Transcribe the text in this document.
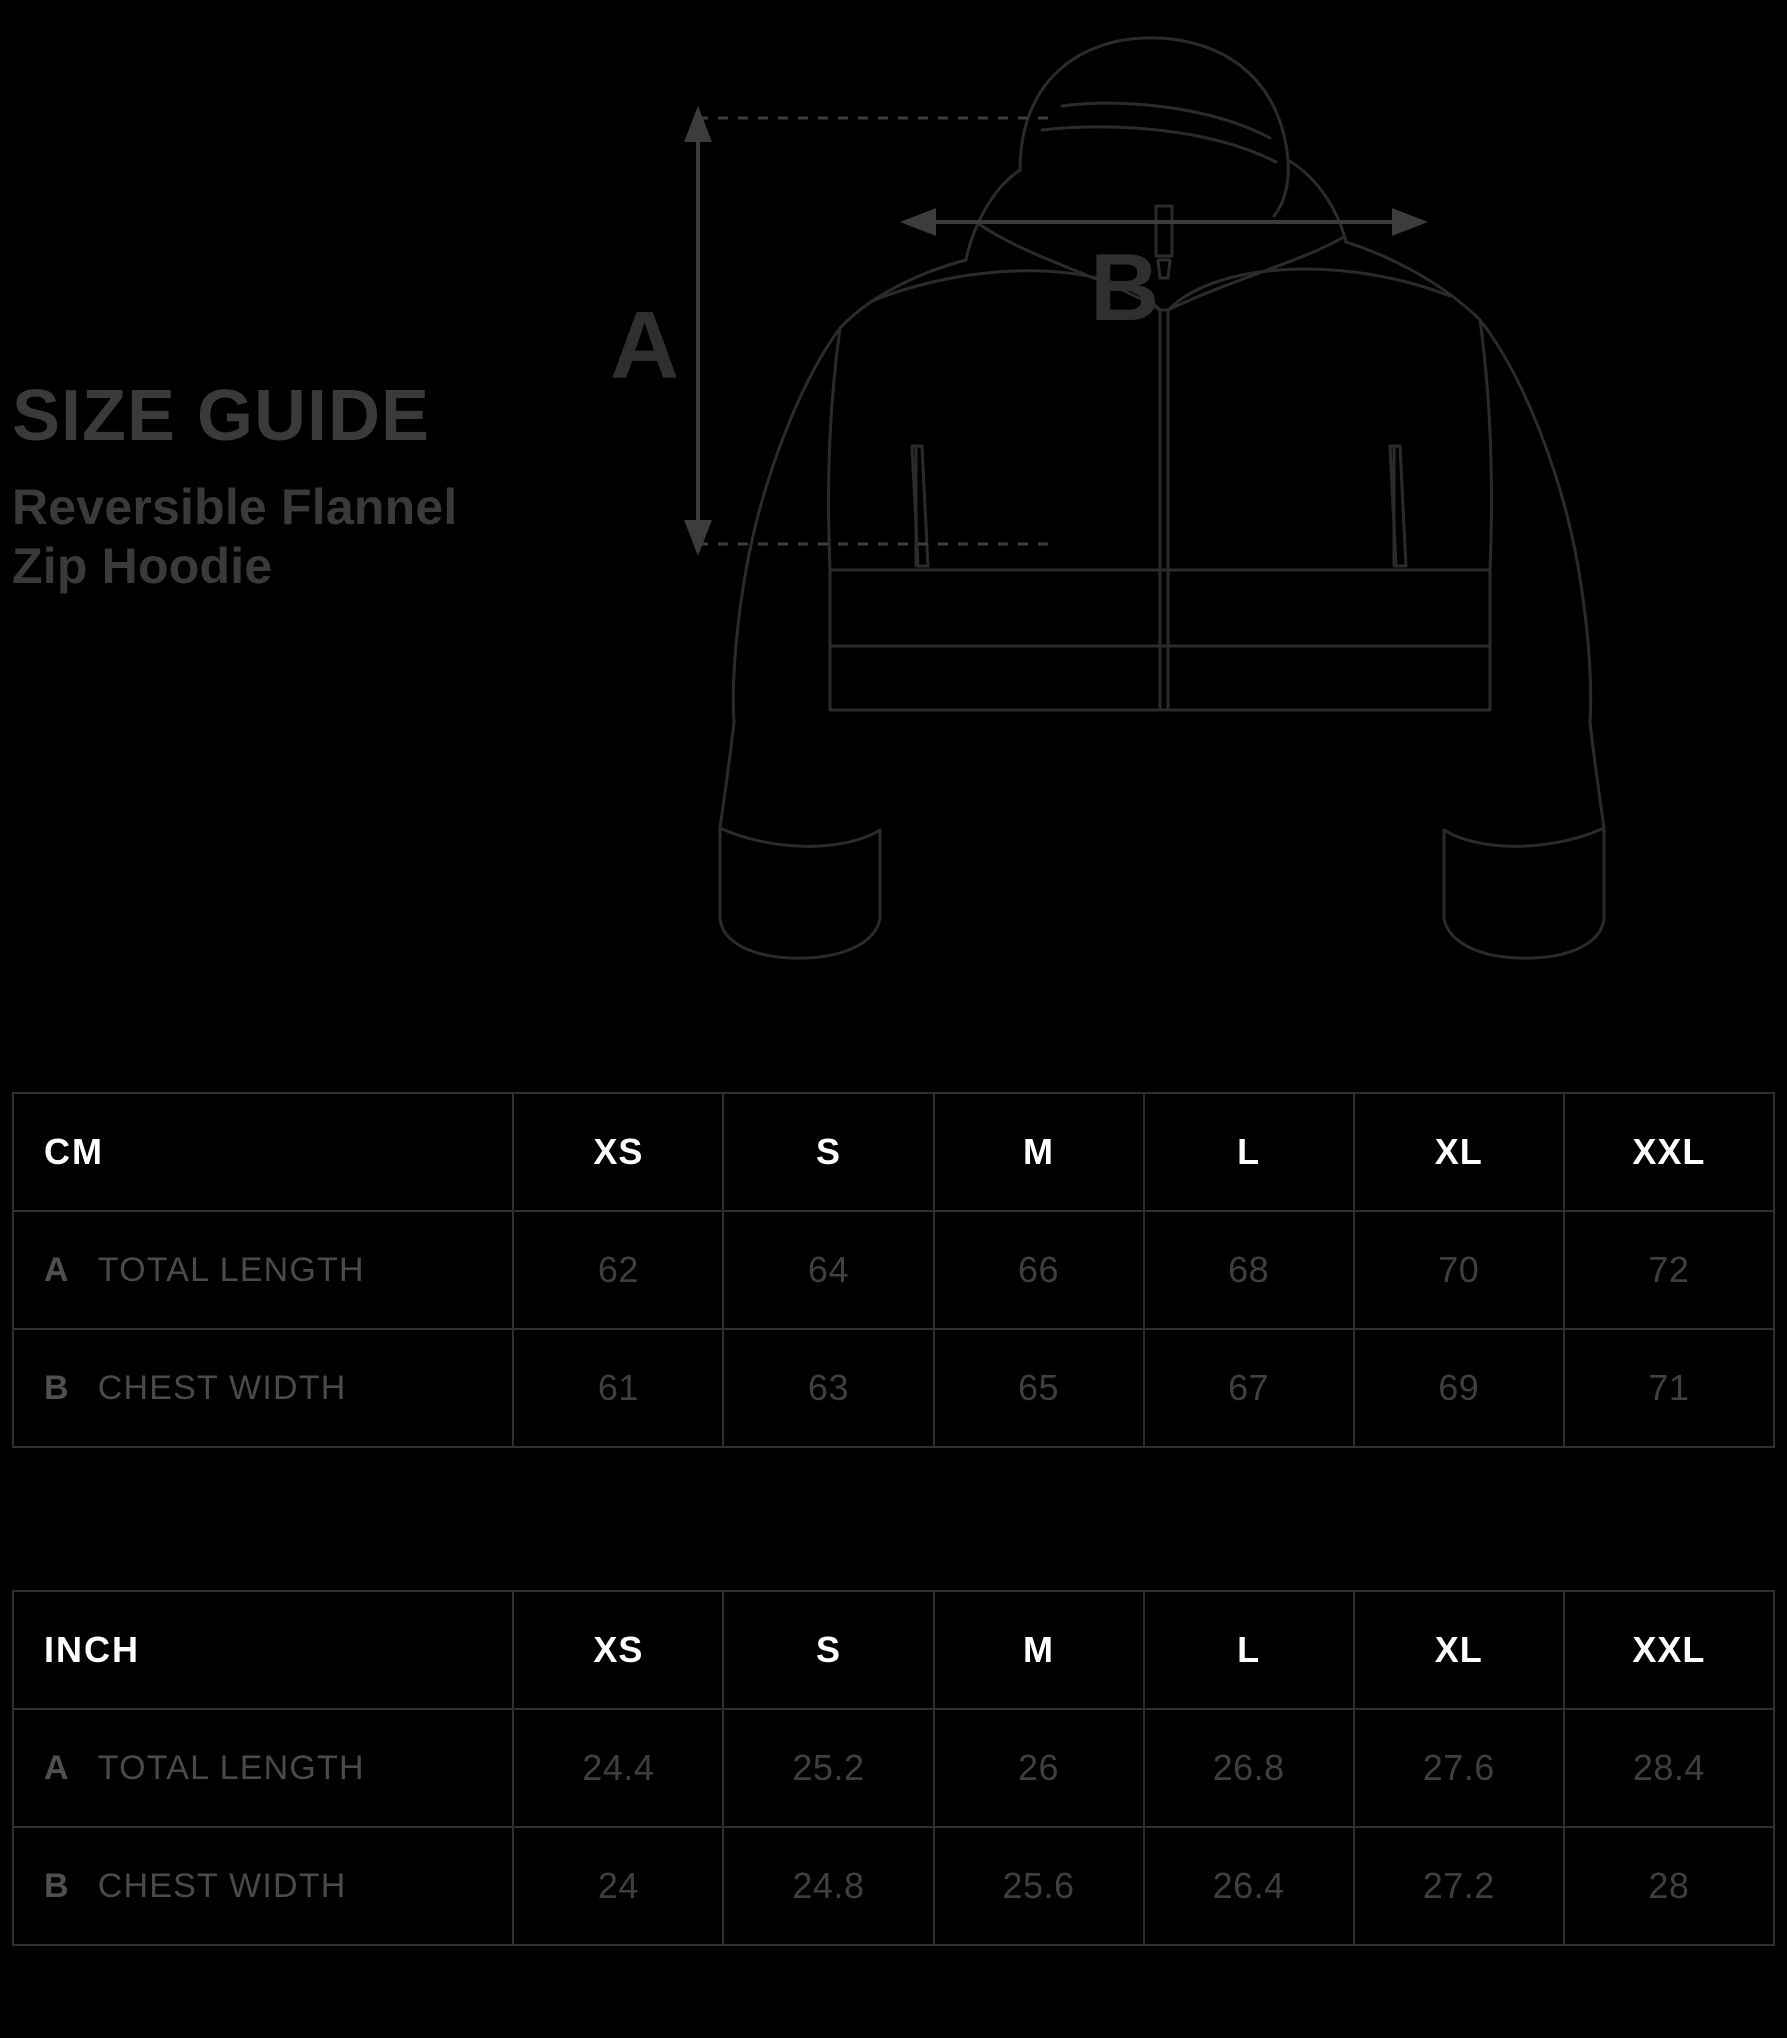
SIZE GUIDE
Reversible Flannel
Zip Hoodie
A
B
CM	XS	S	M	L	XL	XXL
A TOTAL LENGTH	62	64	66	68	70	72
B CHEST WIDTH	61	63	65	67	69	71
INCH	XS	S	M	L	XL	XXL
A TOTAL LENGTH	24.4	25.2	26	26.8	27.6	28.4
B CHEST WIDTH	24	24.8	25.6	26.4	27.2	28
